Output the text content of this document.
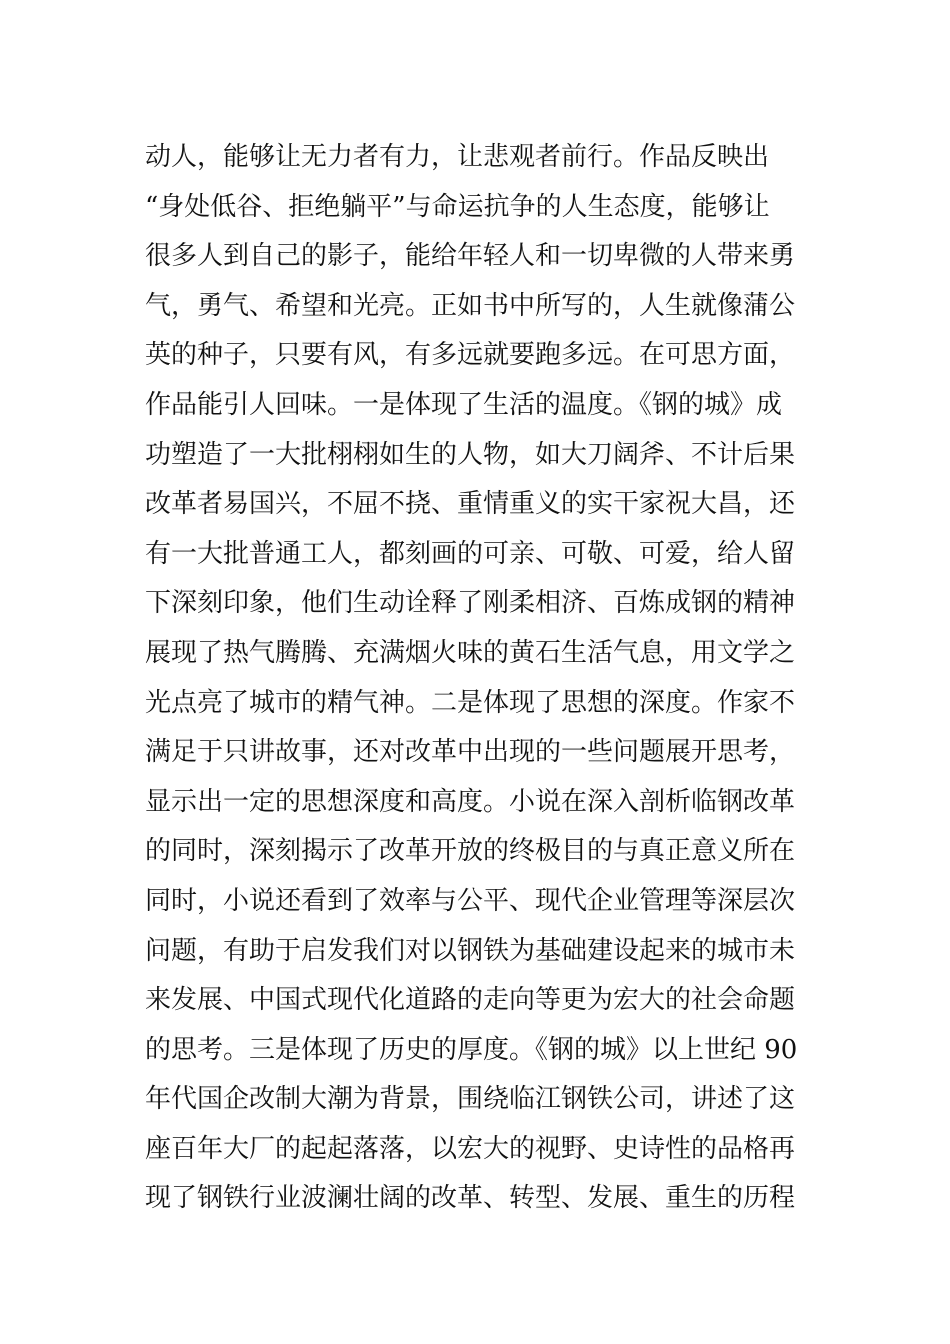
动人，能够让无力者有力，让悲观者前行。作品反映出
“身处低谷、拒绝躺平”与命运抗争的人生态度，能够让
很多人到自己的影子，能给年轻人和一切卑微的人带来勇
气，勇气、希望和光亮。正如书中所写的，人生就像蒲公
英的种子，只要有风，有多远就要跑多远。在可思方面，
作品能引人回味。一是体现了生活的温度。《钢的城》成
功塑造了一大批栩栩如生的人物，如大刀阔斧、不计后果
改革者易国兴，不屈不挠、重情重义的实干家祝大昌，还
有一大批普通工人，都刻画的可亲、可敬、可爱，给人留
下深刻印象，他们生动诠释了刚柔相济、百炼成钢的精神
展现了热气腾腾、充满烟火味的黄石生活气息，用文学之
光点亮了城市的精气神。二是体现了思想的深度。作家不
满足于只讲故事，还对改革中出现的一些问题展开思考，
显示出一定的思想深度和高度。小说在深入剖析临钢改革
的同时，深刻揭示了改革开放的终极目的与真正意义所在
同时，小说还看到了效率与公平、现代企业管理等深层次
问题，有助于启发我们对以钢铁为基础建设起来的城市未
来发展、中国式现代化道路的走向等更为宏大的社会命题
的思考。三是体现了历史的厚度。《钢的城》以上世纪 90
年代国企改制大潮为背景，围绕临江钢铁公司，讲述了这
座百年大厂的起起落落，以宏大的视野、史诗性的品格再
现了钢铁行业波澜壮阔的改革、转型、发展、重生的历程
